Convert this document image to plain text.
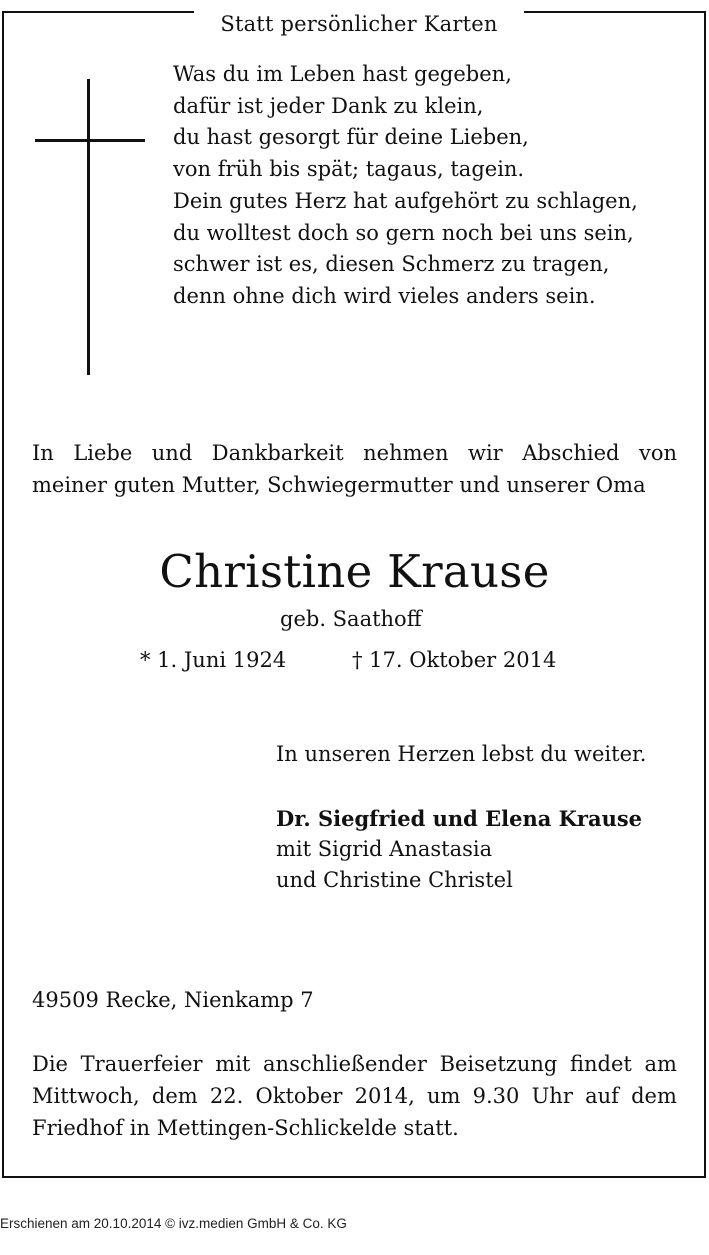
Statt persönlicher Karten
Was du im Leben hast gegeben,
dafür ist jeder Dank zu klein,
du hast gesorgt für deine Lieben,
von früh bis spät; tagaus, tagein.
Dein gutes Herz hat aufgehört zu schlagen,
du wolltest doch so gern noch bei uns sein,
schwer ist es, diesen Schmerz zu tragen,
denn ohne dich wird vieles anders sein.
In Liebe und Dankbarkeit nehmen wir Abschied von
meiner guten Mutter, Schwiegermutter und unserer Oma
Christine Krause
geb. Saathoff
* 1. Juni 1924	† 17. Oktober 2014
In unseren Herzen lebst du weiter.
Dr. Siegfried und Elena Krause
mit Sigrid Anastasia
und Christine Christel
49509 Recke, Nienkamp 7
Die Trauerfeier mit anschließender Beisetzung findet am
Mittwoch, dem 22. Oktober 2014, um 9.30 Uhr auf dem
Friedhof in Mettingen-Schlickelde statt.
Erschienen am 20.10.2014 © ivz.medien GmbH & Co. KG
